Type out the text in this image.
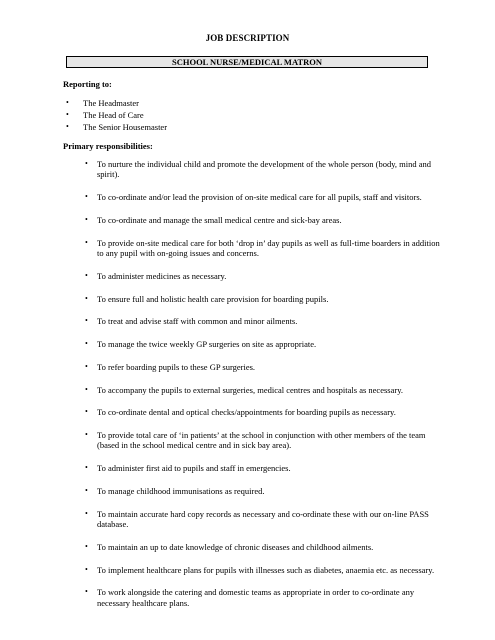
JOB DESCRIPTION
SCHOOL NURSE/MEDICAL MATRON
Reporting to:
• The Headmaster
• The Head of Care
• The Senior Housemaster
Primary responsibilities:
• To nurture the individual child and promote the development of the whole person (body, mind and spirit).
• To co-ordinate and/or lead the provision of on-site medical care for all pupils, staff and visitors.
• To co-ordinate and manage the small medical centre and sick-bay areas.
• To provide on-site medical care for both ‘drop in’ day pupils as well as full-time boarders in addition to any pupil with on-going issues and concerns.
• To administer medicines as necessary.
• To ensure full and holistic health care provision for boarding pupils.
• To treat and advise staff with common and minor ailments.
• To manage the twice weekly GP surgeries on site as appropriate.
• To refer boarding pupils to these GP surgeries.
• To accompany the pupils to external surgeries, medical centres and hospitals as necessary.
• To co-ordinate dental and optical checks/appointments for boarding pupils as necessary.
• To provide total care of ‘in patients’ at the school in conjunction with other members of the team (based in the school medical centre and in sick bay area).
• To administer first aid to pupils and staff in emergencies.
• To manage childhood immunisations as required.
• To maintain accurate hard copy records as necessary and co-ordinate these with our on-line PASS database.
• To maintain an up to date knowledge of chronic diseases and childhood ailments.
• To implement healthcare plans for pupils with illnesses such as diabetes, anaemia etc. as necessary.
• To work alongside the catering and domestic teams as appropriate in order to co-ordinate any necessary healthcare plans.
